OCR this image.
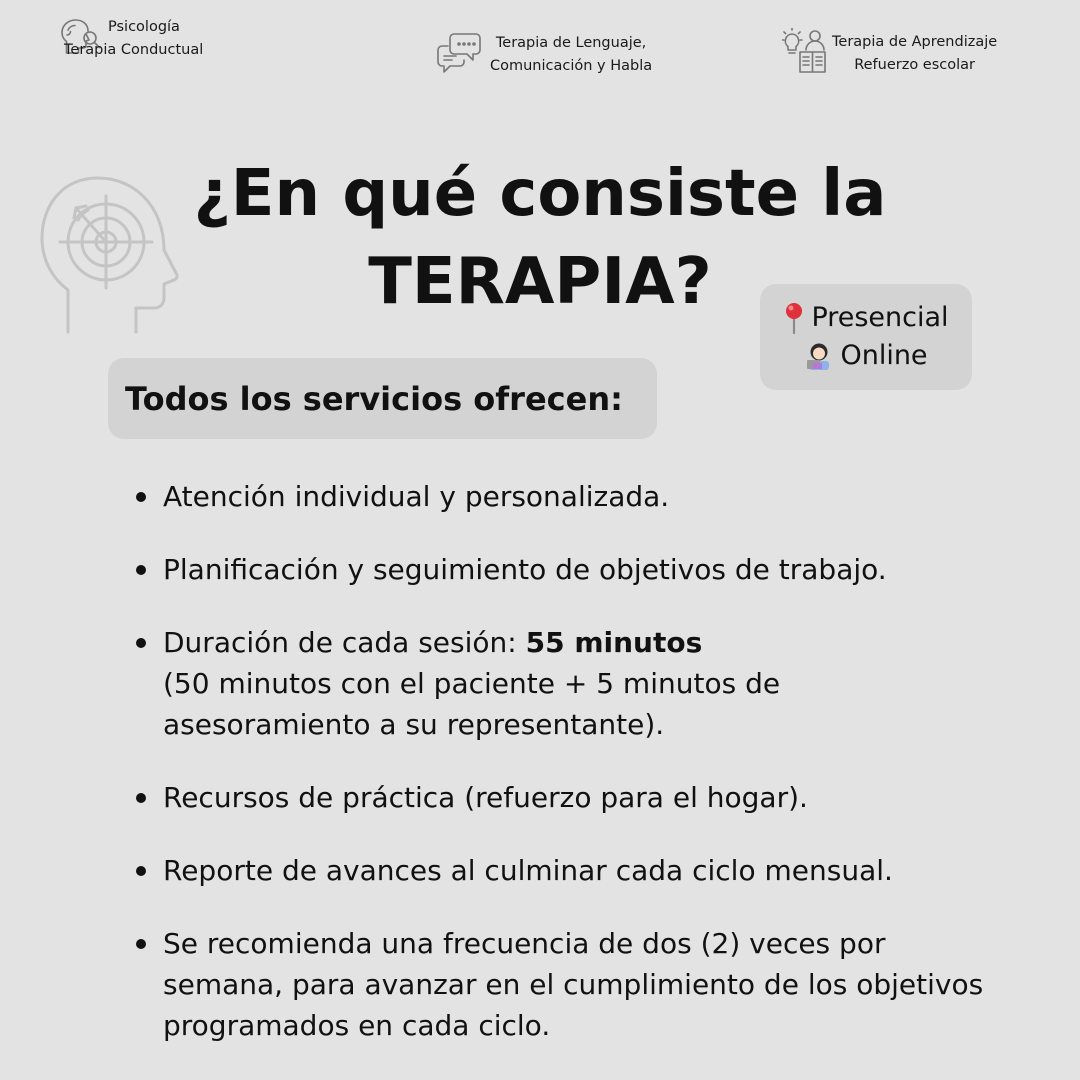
Psicología
Terapia Conductual	Terapia de Lenguaje,
Comunicación y Habla
Terapia de Aprendizaje
Refuerzo escolar
¿En qué consiste la
TERAPIA?	Presencial
Online
Todos los servicios ofrecen:
Atención individual y personalizada.
Planificación y seguimiento de objetivos de trabajo.
Duración de cada sesión: 55 minutos
(50 minutos con el paciente + 5 minutos de asesoramiento a su representante).
Recursos de práctica (refuerzo para el hogar).
Reporte de avances al culminar cada ciclo mensual.
Se recomienda una frecuencia de dos (2) veces por semana, para avanzar en el cumplimiento de los objetivos programados en cada ciclo.
